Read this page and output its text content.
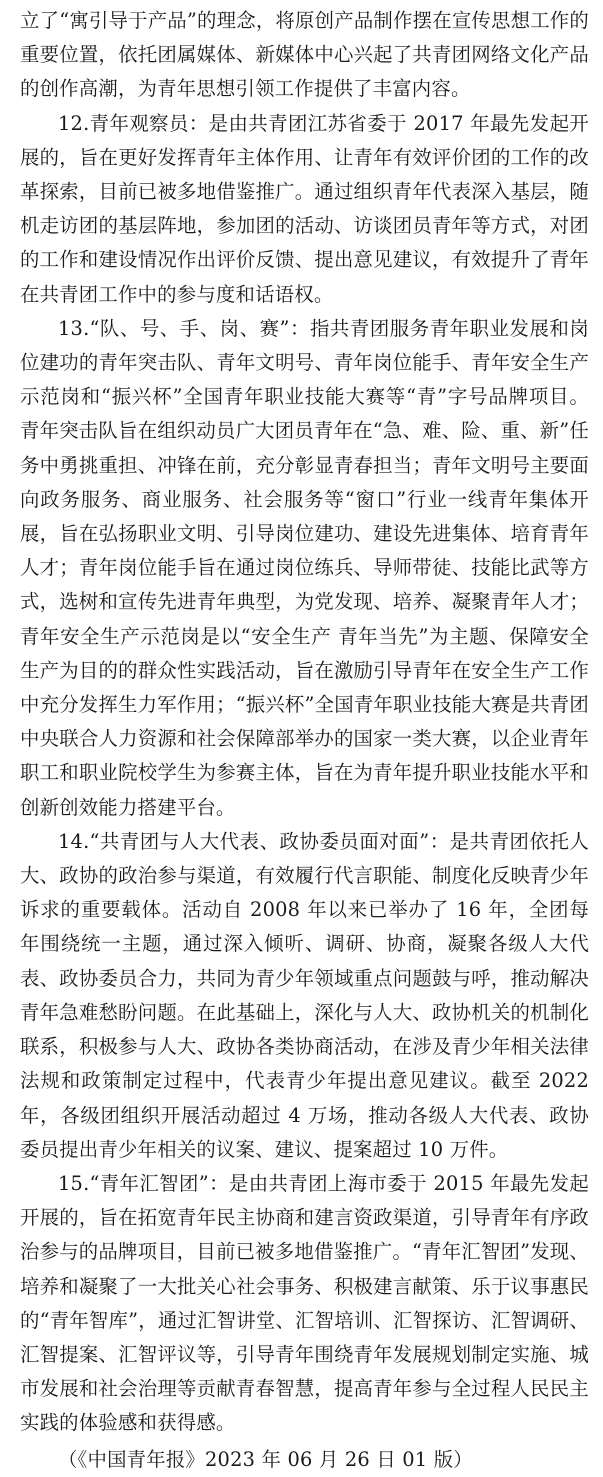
立了“寓引导于产品”的理念，将原创产品制作摆在宣传思想工作的重要位置，依托团属媒体、新媒体中心兴起了共青团网络文化产品的创作高潮，为青年思想引领工作提供了丰富内容。

12.青年观察员：是由共青团江苏省委于 2017 年最先发起开展的，旨在更好发挥青年主体作用、让青年有效评价团的工作的改革探索，目前已被多地借鉴推广。通过组织青年代表深入基层，随机走访团的基层阵地，参加团的活动、访谈团员青年等方式，对团的工作和建设情况作出评价反馈、提出意见建议，有效提升了青年在共青团工作中的参与度和话语权。

13.“队、号、手、岗、赛”：指共青团服务青年职业发展和岗位建功的青年突击队、青年文明号、青年岗位能手、青年安全生产示范岗和“振兴杯”全国青年职业技能大赛等“青”字号品牌项目。青年突击队旨在组织动员广大团员青年在“急、难、险、重、新”任务中勇挑重担、冲锋在前，充分彰显青春担当；青年文明号主要面向政务服务、商业服务、社会服务等“窗口”行业一线青年集体开展，旨在弘扬职业文明、引导岗位建功、建设先进集体、培育青年人才；青年岗位能手旨在通过岗位练兵、导师带徒、技能比武等方式，选树和宣传先进青年典型，为党发现、培养、凝聚青年人才；青年安全生产示范岗是以“安全生产 青年当先”为主题、保障安全生产为目的的群众性实践活动，旨在激励引导青年在安全生产工作中充分发挥生力军作用；“振兴杯”全国青年职业技能大赛是共青团中央联合人力资源和社会保障部举办的国家一类大赛，以企业青年职工和职业院校学生为参赛主体，旨在为青年提升职业技能水平和创新创效能力搭建平台。

14.“共青团与人大代表、政协委员面对面”：是共青团依托人大、政协的政治参与渠道，有效履行代言职能、制度化反映青少年诉求的重要载体。活动自 2008 年以来已举办了 16 年，全团每年围绕统一主题，通过深入倾听、调研、协商，凝聚各级人大代表、政协委员合力，共同为青少年领域重点问题鼓与呼，推动解决青年急难愁盼问题。在此基础上，深化与人大、政协机关的机制化联系，积极参与人大、政协各类协商活动，在涉及青少年相关法律法规和政策制定过程中，代表青少年提出意见建议。截至 2022 年，各级团组织开展活动超过 4 万场，推动各级人大代表、政协委员提出青少年相关的议案、建议、提案超过 10 万件。

15.“青年汇智团”：是由共青团上海市委于 2015 年最先发起开展的，旨在拓宽青年民主协商和建言资政渠道，引导青年有序政治参与的品牌项目，目前已被多地借鉴推广。“青年汇智团”发现、培养和凝聚了一大批关心社会事务、积极建言献策、乐于议事惠民的“青年智库”，通过汇智讲堂、汇智培训、汇智探访、汇智调研、汇智提案、汇智评议等，引导青年围绕青年发展规划制定实施、城市发展和社会治理等贡献青春智慧，提高青年参与全过程人民民主实践的体验感和获得感。

（《中国青年报》2023 年 06 月 26 日 01 版）
